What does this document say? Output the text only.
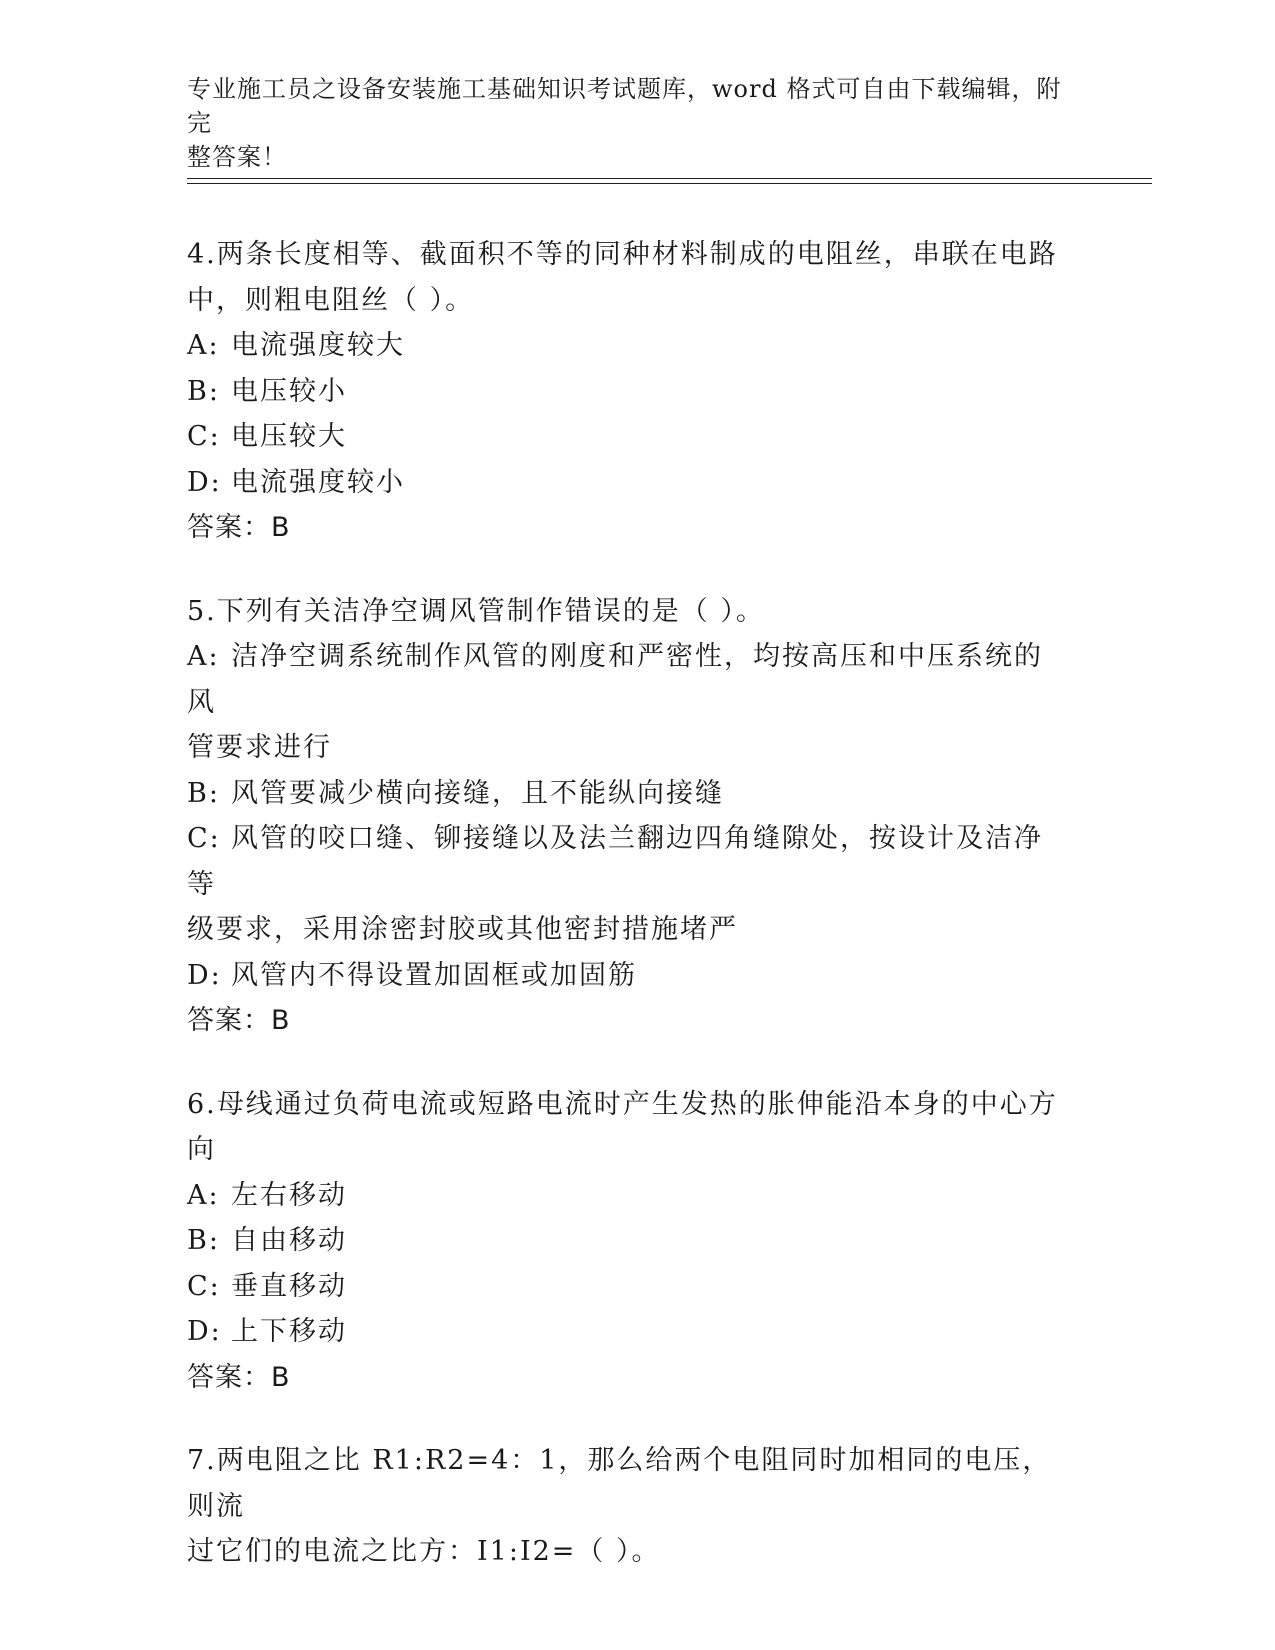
专业施工员之设备安装施工基础知识考试题库，word 格式可自由下载编辑，附完
整答案！

4.两条长度相等、截面积不等的同种材料制成的电阻丝，串联在电路

中，则粗电阻丝（ ）。

A: 电流强度较大

B: 电压较小

C: 电压较大

D: 电流强度较小

答案：B

5.下列有关洁净空调风管制作错误的是（ ）。

A: 洁净空调系统制作风管的刚度和严密性，均按高压和中压系统的风

管要求进行

B: 风管要减少横向接缝，且不能纵向接缝

C: 风管的咬口缝、铆接缝以及法兰翻边四角缝隙处，按设计及洁净等

级要求，采用涂密封胶或其他密封措施堵严

D: 风管内不得设置加固框或加固筋

答案：B

6.母线通过负荷电流或短路电流时产生发热的胀伸能沿本身的中心方

向

A: 左右移动

B: 自由移动

C: 垂直移动

D: 上下移动

答案：B

7.两电阻之比 R1:R2=4：1，那么给两个电阻同时加相同的电压，则流

过它们的电流之比方：I1:I2=（ ）。
